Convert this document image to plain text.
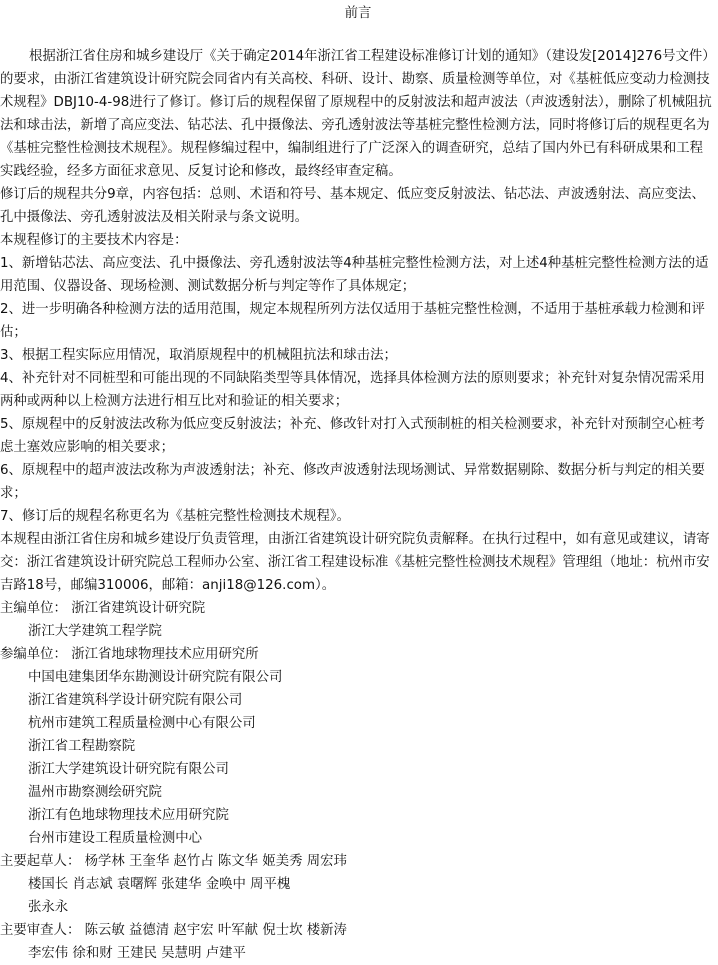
前言

根据浙江省住房和城乡建设厅《关于确定2014年浙江省工程建设标准修订计划的通知》（建设发[2014]276号文件）的要求，由浙江省建筑设计研究院会同省内有关高校、科研、设计、勘察、质量检测等单位，对《基桩低应变动力检测技术规程》DBJ10-4-98进行了修订。修订后的规程保留了原规程中的反射波法和超声波法（声波透射法），删除了机械阻抗法和球击法，新增了高应变法、钻芯法、孔中摄像法、旁孔透射波法等基桩完整性检测方法，同时将修订后的规程更名为《基桩完整性检测技术规程》。规程修编过程中，编制组进行了广泛深入的调查研究，总结了国内外已有科研成果和工程实践经验，经多方面征求意见、反复讨论和修改，最终经审查定稿。

修订后的规程共分9章，内容包括：总则、术语和符号、基本规定、低应变反射波法、钻芯法、声波透射法、高应变法、孔中摄像法、旁孔透射波法及相关附录与条文说明。

本规程修订的主要技术内容是：

1、新增钻芯法、高应变法、孔中摄像法、旁孔透射波法等4种基桩完整性检测方法，对上述4种基桩完整性检测方法的适用范围、仪器设备、现场检测、测试数据分析与判定等作了具体规定；

2、进一步明确各种检测方法的适用范围，规定本规程所列方法仅适用于基桩完整性检测，不适用于基桩承载力检测和评估；

3、根据工程实际应用情况，取消原规程中的机械阻抗法和球击法；

4、补充针对不同桩型和可能出现的不同缺陷类型等具体情况，选择具体检测方法的原则要求；补充针对复杂情况需采用两种或两种以上检测方法进行相互比对和验证的相关要求；

5、原规程中的反射波法改称为低应变反射波法；补充、修改针对打入式预制桩的相关检测要求，补充针对预制空心桩考虑土塞效应影响的相关要求；

6、原规程中的超声波法改称为声波透射法；补充、修改声波透射法现场测试、异常数据剔除、数据分析与判定的相关要求；

7、修订后的规程名称更名为《基桩完整性检测技术规程》。

本规程由浙江省住房和城乡建设厅负责管理，由浙江省建筑设计研究院负责解释。在执行过程中，如有意见或建议，请寄交：浙江省建筑设计研究院总工程师办公室、浙江省工程建设标准《基桩完整性检测技术规程》管理组（地址：杭州市安吉路18号，邮编310006，邮箱：anji18@126.com）。

主编单位： 浙江省建筑设计研究院
浙江大学建筑工程学院
参编单位： 浙江省地球物理技术应用研究所
中国电建集团华东勘测设计研究院有限公司
浙江省建筑科学设计研究院有限公司
杭州市建筑工程质量检测中心有限公司
浙江省工程勘察院
浙江大学建筑设计研究院有限公司
温州市勘察测绘研究院
浙江有色地球物理技术应用研究院
台州市建设工程质量检测中心
主要起草人： 杨学林 王奎华 赵竹占 陈文华 姬美秀 周宏玮
楼国长 肖志斌 袁曙辉 张建华 金唤中 周平槐
张永永
主要审查人： 陈云敏 益德清 赵宇宏 叶军献 倪士坎 楼新涛
李宏伟 徐和财 王建民 吴慧明 卢建平
